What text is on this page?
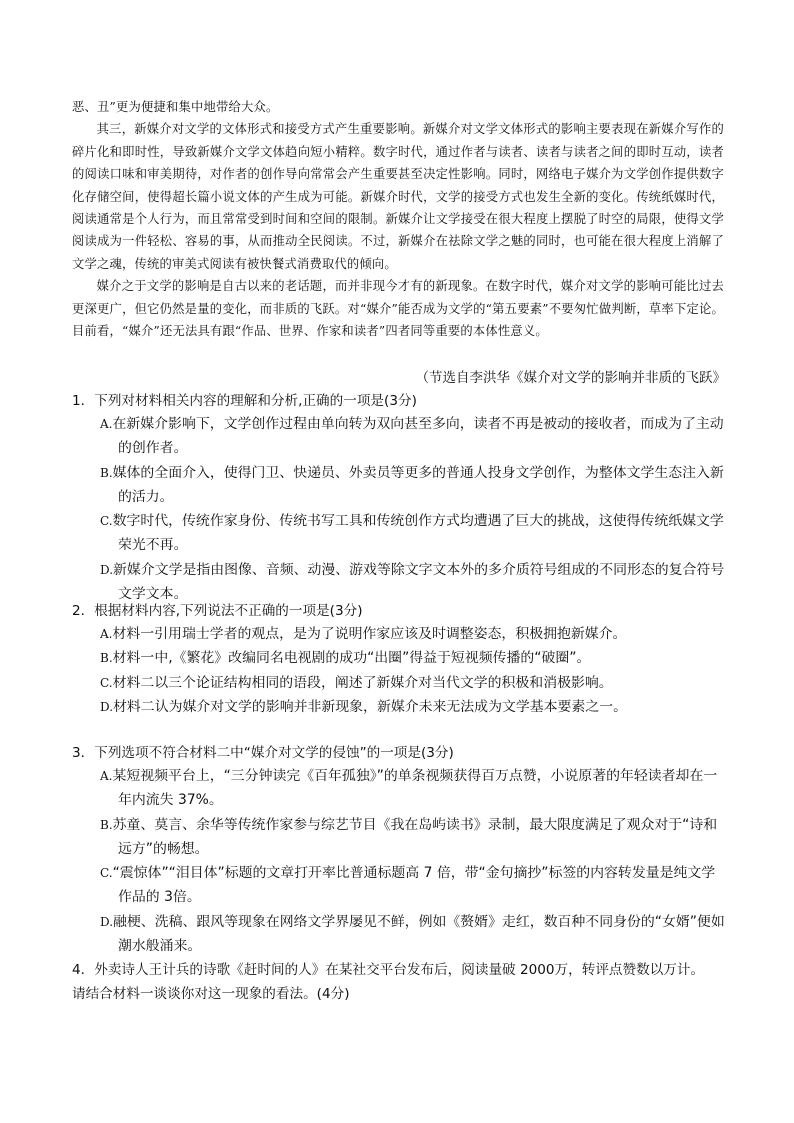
恶、丑”更为便捷和集中地带给大众。

其三，新媒介对文学的文体形式和接受方式产生重要影响。新媒介对文学文体形式的影响主要表现在新媒介写作的碎片化和即时性，导致新媒介文学文体趋向短小精粹。数字时代，通过作者与读者、读者与读者之间的即时互动，读者的阅读口味和审美期待，对作者的创作导向常常会产生重要甚至决定性影响。同时，网络电子媒介为文学创作提供数字化存储空间，使得超长篇小说文体的产生成为可能。新媒介时代，文学的接受方式也发生全新的变化。传统纸媒时代，阅读通常是个人行为，而且常常受到时间和空间的限制。新媒介让文学接受在很大程度上摆脱了时空的局限，使得文学阅读成为一件轻松、容易的事，从而推动全民阅读。不过，新媒介在祛除文学之魅的同时，也可能在很大程度上消解了文学之魂，传统的审美式阅读有被快餐式消费取代的倾向。

媒介之于文学的影响是自古以来的老话题，而并非现今才有的新现象。在数字时代，媒介对文学的影响可能比过去更深更广，但它仍然是量的变化，而非质的飞跃。对“媒介”能否成为文学的“第五要素”不要匆忙做判断，草率下定论。目前看，“媒介”还无法具有跟“作品、世界、作家和读者”四者同等重要的本体性意义。

（节选自李洪华《媒介对文学的影响并非质的飞跃》

1．下列对材料相关内容的理解和分析,正确的一项是(3分)

A.在新媒介影响下，文学创作过程由单向转为双向甚至多向，读者不再是被动的接收者，而成为了主动的创作者。

B.媒体的全面介入，使得门卫、快递员、外卖员等更多的普通人投身文学创作，为整体文学生态注入新的活力。

C.数字时代，传统作家身份、传统书写工具和传统创作方式均遭遇了巨大的挑战，这使得传统纸媒文学荣光不再。

D.新媒介文学是指由图像、音频、动漫、游戏等除文字文本外的多介质符号组成的不同形态的复合符号文学文本。

2．根据材料内容,下列说法不正确的一项是(3分)

A.材料一引用瑞士学者的观点，是为了说明作家应该及时调整姿态，积极拥抱新媒介。

B.材料一中,《繁花》改编同名电视剧的成功“出圈”得益于短视频传播的“破圈”。

C.材料二以三个论证结构相同的语段，阐述了新媒介对当代文学的积极和消极影响。

D.材料二认为媒介对文学的影响并非新现象，新媒介未来无法成为文学基本要素之一。

3．下列选项不符合材料二中“媒介对文学的侵蚀”的一项是(3分)

A.某短视频平台上，“三分钟读完《百年孤独》”的单条视频获得百万点赞，小说原著的年轻读者却在一年内流失 37%。

B.苏童、莫言、余华等传统作家参与综艺节目《我在岛屿读书》录制，最大限度满足了观众对于“诗和远方”的畅想。

C.“震惊体”“泪目体”标题的文章打开率比普通标题高 7 倍，带“金句摘抄”标签的内容转发量是纯文学作品的 3倍。

D.融梗、洗稿、跟风等现象在网络文学界屡见不鲜，例如《赘婿》走红，数百种不同身份的“女婿”便如潮水般涌来。

4．外卖诗人王计兵的诗歌《赶时间的人》在某社交平台发布后，阅读量破 2000万，转评点赞数以万计。

请结合材料一谈谈你对这一现象的看法。(4分)
